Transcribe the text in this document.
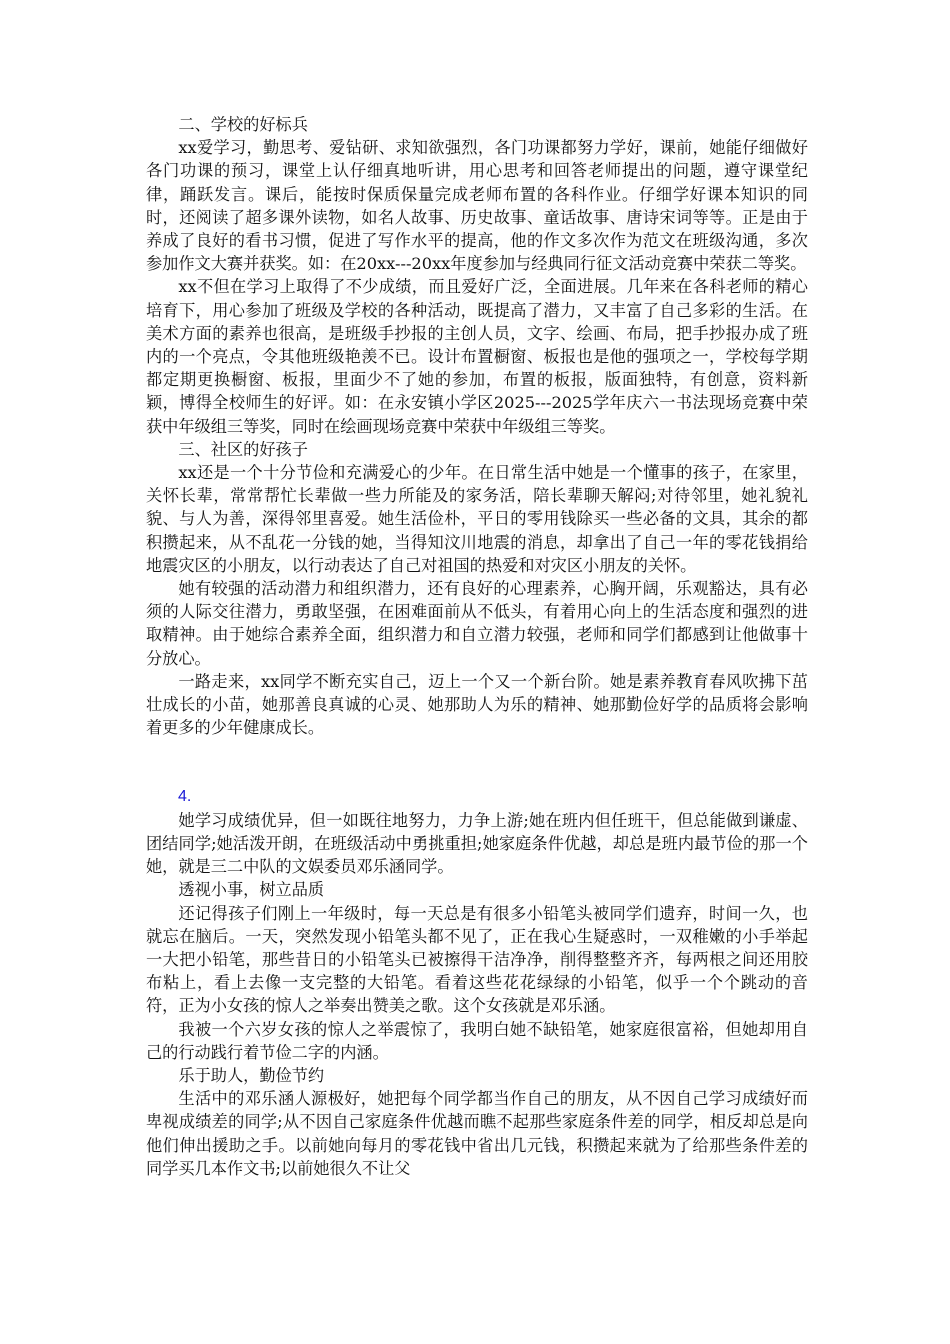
二、学校的好标兵

xx爱学习，勤思考、爱钻研、求知欲强烈，各门功课都努力学好，课前，她能仔细做好各门功课的预习，课堂上认仔细真地听讲，用心思考和回答老师提出的问题，遵守课堂纪律，踊跃发言。课后，能按时保质保量完成老师布置的各科作业。仔细学好课本知识的同时，还阅读了超多课外读物，如名人故事、历史故事、童话故事、唐诗宋词等等。正是由于养成了良好的看书习惯，促进了写作水平的提高，他的作文多次作为范文在班级沟通，多次参加作文大赛并获奖。如：在20xx---20xx年度参加与经典同行征文活动竞赛中荣获二等奖。

xx不但在学习上取得了不少成绩，而且爱好广泛，全面进展。几年来在各科老师的精心培育下，用心参加了班级及学校的各种活动，既提高了潜力，又丰富了自己多彩的生活。在美术方面的素养也很高，是班级手抄报的主创人员，文字、绘画、布局，把手抄报办成了班内的一个亮点，令其他班级艳羡不已。设计布置橱窗、板报也是他的强项之一，学校每学期都定期更换橱窗、板报，里面少不了她的参加，布置的板报，版面独特，有创意，资料新颖，博得全校师生的好评。如：在永安镇小学区2025---2025学年庆六一书法现场竞赛中荣获中年级组三等奖，同时在绘画现场竞赛中荣获中年级组三等奖。

三、社区的好孩子

xx还是一个十分节俭和充满爱心的少年。在日常生活中她是一个懂事的孩子，在家里，关怀长辈，常常帮忙长辈做一些力所能及的家务活，陪长辈聊天解闷;对待邻里，她礼貌礼貌、与人为善，深得邻里喜爱。她生活俭朴，平日的零用钱除买一些必备的文具，其余的都积攒起来，从不乱花一分钱的她，当得知汶川地震的消息，却拿出了自己一年的零花钱捐给地震灾区的小朋友，以行动表达了自己对祖国的热爱和对灾区小朋友的关怀。

她有较强的活动潜力和组织潜力，还有良好的心理素养，心胸开阔，乐观豁达，具有必须的人际交往潜力，勇敢坚强，在困难面前从不低头，有着用心向上的生活态度和强烈的进取精神。由于她综合素养全面，组织潜力和自立潜力较强，老师和同学们都感到让他做事十分放心。

一路走来，xx同学不断充实自己，迈上一个又一个新台阶。她是素养教育春风吹拂下茁壮成长的小苗，她那善良真诚的心灵、她那助人为乐的精神、她那勤俭好学的品质将会影响着更多的少年健康成长。

4.

她学习成绩优异，但一如既往地努力，力争上游;她在班内但任班干，但总能做到谦虚、团结同学;她活泼开朗，在班级活动中勇挑重担;她家庭条件优越，却总是班内最节俭的那一个她，就是三二中队的文娱委员邓乐涵同学。

透视小事，树立品质

还记得孩子们刚上一年级时，每一天总是有很多小铅笔头被同学们遗弃，时间一久，也就忘在脑后。一天，突然发现小铅笔头都不见了，正在我心生疑惑时，一双稚嫩的小手举起一大把小铅笔，那些昔日的小铅笔头已被擦得干洁净净，削得整整齐齐，每两根之间还用胶布粘上，看上去像一支完整的大铅笔。看着这些花花绿绿的小铅笔，似乎一个个跳动的音符，正为小女孩的惊人之举奏出赞美之歌。这个女孩就是邓乐涵。

我被一个六岁女孩的惊人之举震惊了，我明白她不缺铅笔，她家庭很富裕，但她却用自己的行动践行着节俭二字的内涵。

乐于助人，勤俭节约

生活中的邓乐涵人源极好，她把每个同学都当作自己的朋友，从不因自己学习成绩好而卑视成绩差的同学;从不因自己家庭条件优越而瞧不起那些家庭条件差的同学，相反却总是向他们伸出援助之手。以前她向每月的零花钱中省出几元钱，积攒起来就为了给那些条件差的同学买几本作文书;以前她很久不让父
